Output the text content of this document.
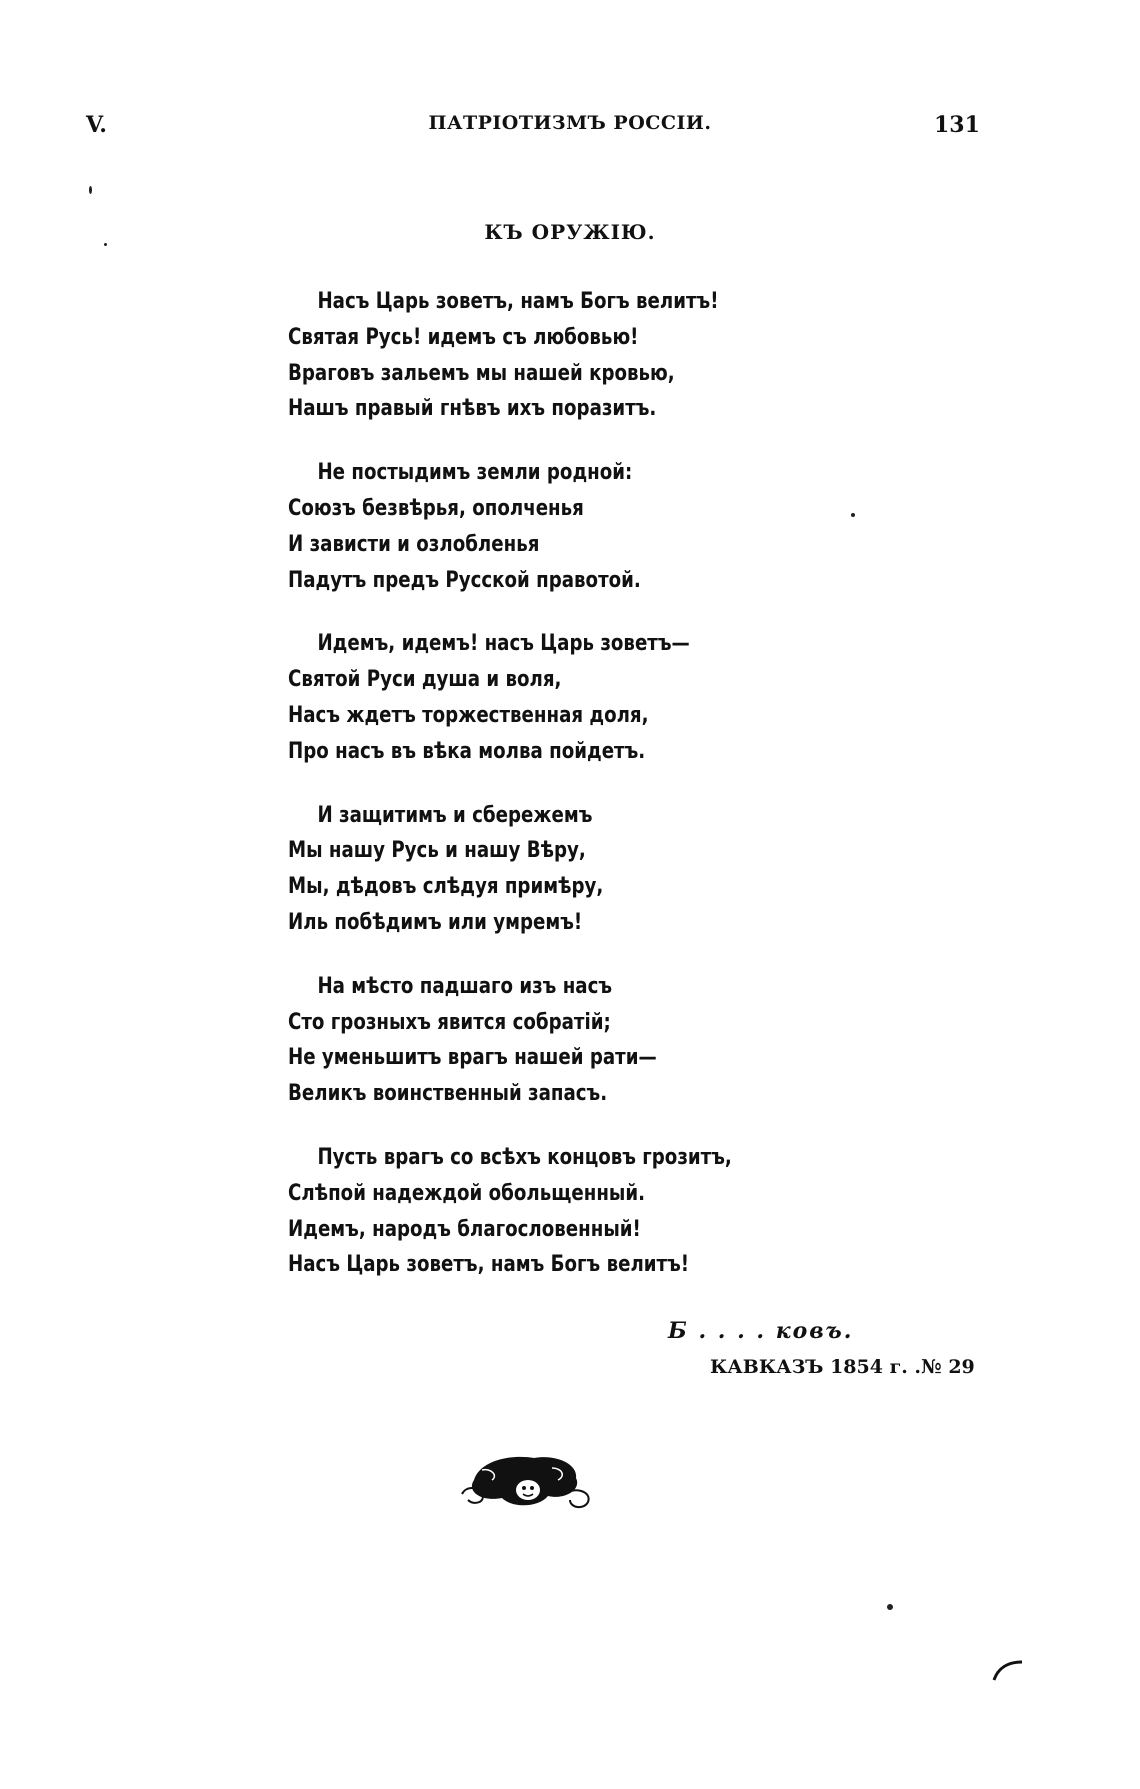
V.	ПАТРІОТИЗМЪ РОССІИ.	131
КЪ ОРУЖІЮ.
Насъ Царь зоветъ, намъ Богъ велитъ!
Святая Русь! идемъ съ любовью!
Враговъ зальемъ мы нашей кровью,
Нашъ правый гнѣвъ ихъ поразитъ.
Не постыдимъ земли родной:
Союзъ безвѣрья, ополченья
И зависти и озлобленья
Падутъ предъ Русской правотой.
Идемъ, идемъ! насъ Царь зоветъ—
Святой Руси душа и воля,
Насъ ждетъ торжественная доля,
Про насъ въ вѣка молва пойдетъ.
И защитимъ и сбережемъ
Мы нашу Русь и нашу Вѣру,
Мы, дѣдовъ слѣдуя примѣру,
Иль побѣдимъ или умремъ!
На мѣсто падшаго изъ насъ
Сто грозныхъ явится собратій;
Не уменьшитъ врагъ нашей рати—
Великъ воинственный запасъ.
Пусть врагъ со всѣхъ концовъ грозитъ,
Слѣпой надеждой обольщенный.
Идемъ, народъ благословенный!
Насъ Царь зоветъ, намъ Богъ велитъ!
Б . . . . ковъ.
КАВКАЗЪ 1854 г. .№ 29
